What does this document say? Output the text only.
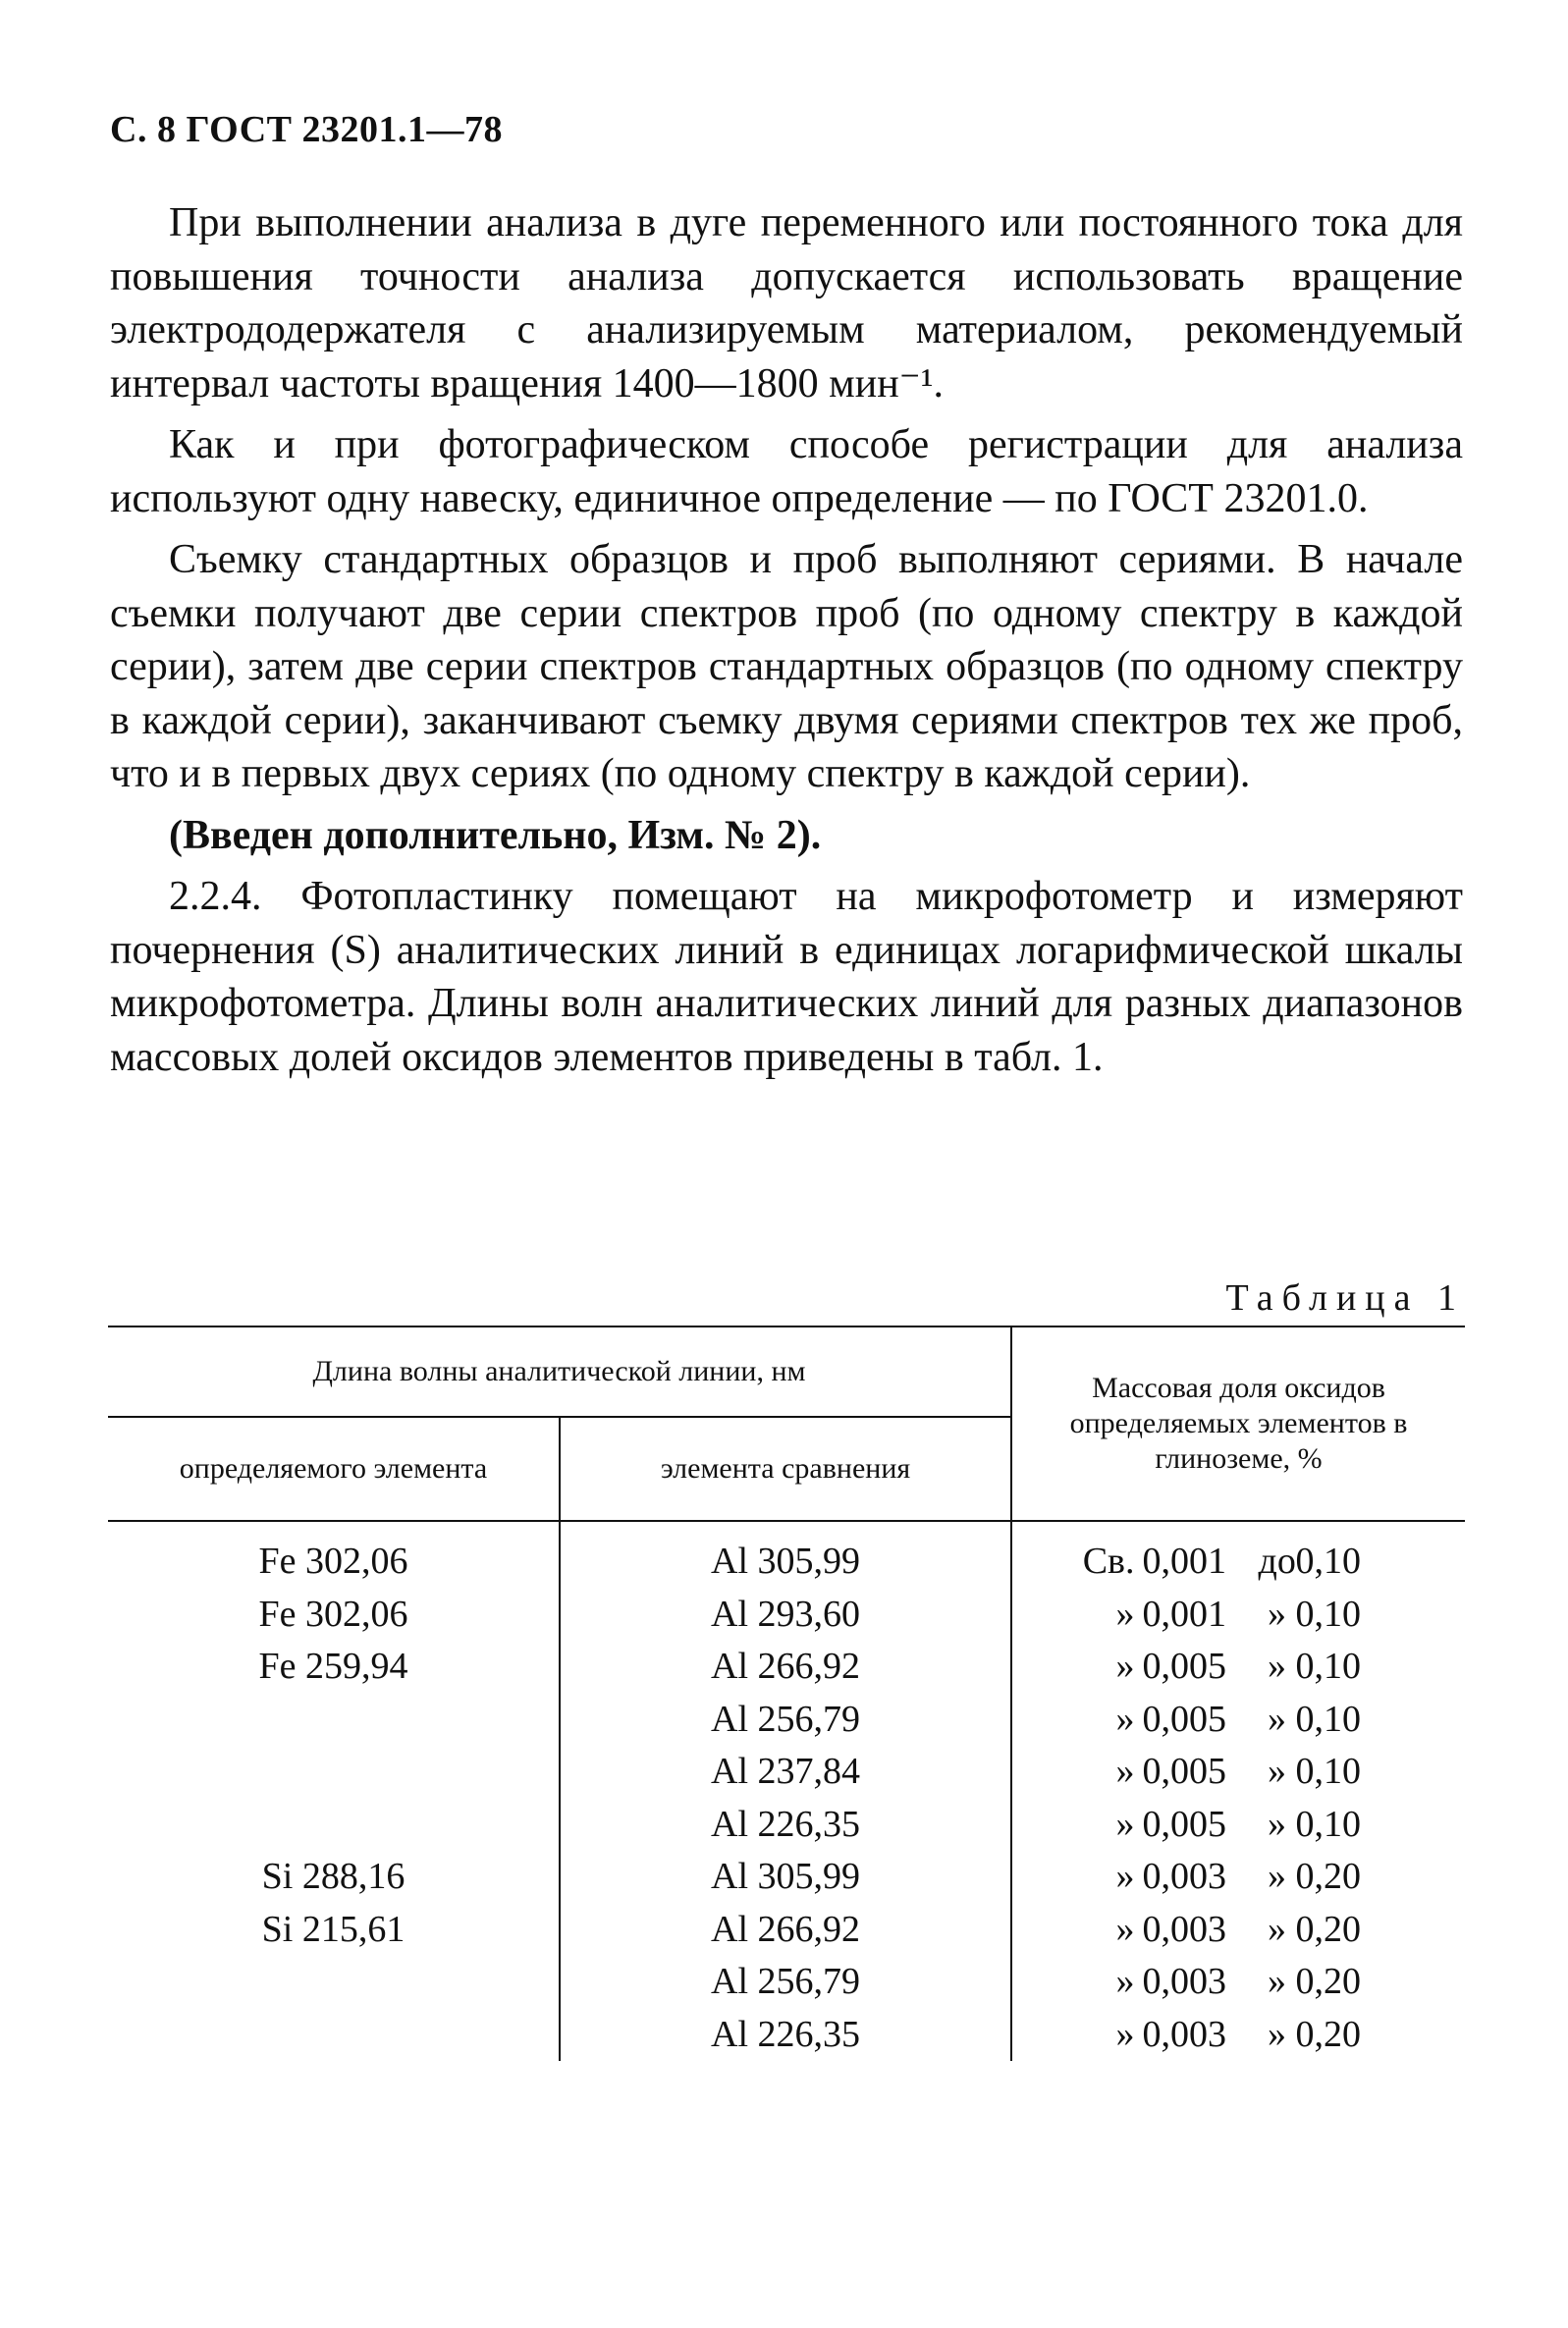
С. 8 ГОСТ 23201.1—78

При выполнении анализа в дуге переменного или постоянного тока для повышения точности анализа допускается использовать вращение электрододержателя с анализируемым материалом, рекомендуемый интервал частоты вращения 1400—1800 мин⁻¹.

Как и при фотографическом способе регистрации для анализа используют одну навеску, единичное определение — по ГОСТ 23201.0.

Съемку стандартных образцов и проб выполняют сериями. В начале съемки получают две серии спектров проб (по одному спектру в каждой серии), затем две серии спектров стандартных образцов (по одному спектру в каждой серии), заканчивают съемку двумя сериями спектров тех же проб, что и в первых двух сериях (по одному спектру в каждой серии).

(Введен дополнительно, Изм. № 2).

2.2.4. Фотопластинку помещают на микрофотометр и измеряют почернения (S) аналитических линий в единицах логарифмической шкалы микрофотометра. Длины волн аналитических линий для разных диапазонов массовых долей оксидов элементов приведены в табл. 1.

Таблица 1
Длина волны аналитической линии, нм		Массовая доля оксидов определяемых элементов в глиноземе, %
определяемого элемента	элемента сравнения	
Fe 302,06	Al 305,99	Св. 0,001 до0,10
Fe 302,06	Al 293,60	» 0,001 » 0,10
Fe 259,94	Al 266,92	» 0,005 » 0,10
	Al 256,79	» 0,005 » 0,10
	Al 237,84	» 0,005 » 0,10
	Al 226,35	» 0,005 » 0,10
Si 288,16	Al 305,99	» 0,003 » 0,20
Si 215,61	Al 266,92	» 0,003 » 0,20
	Al 256,79	» 0,003 » 0,20
	Al 226,35	» 0,003 » 0,20
